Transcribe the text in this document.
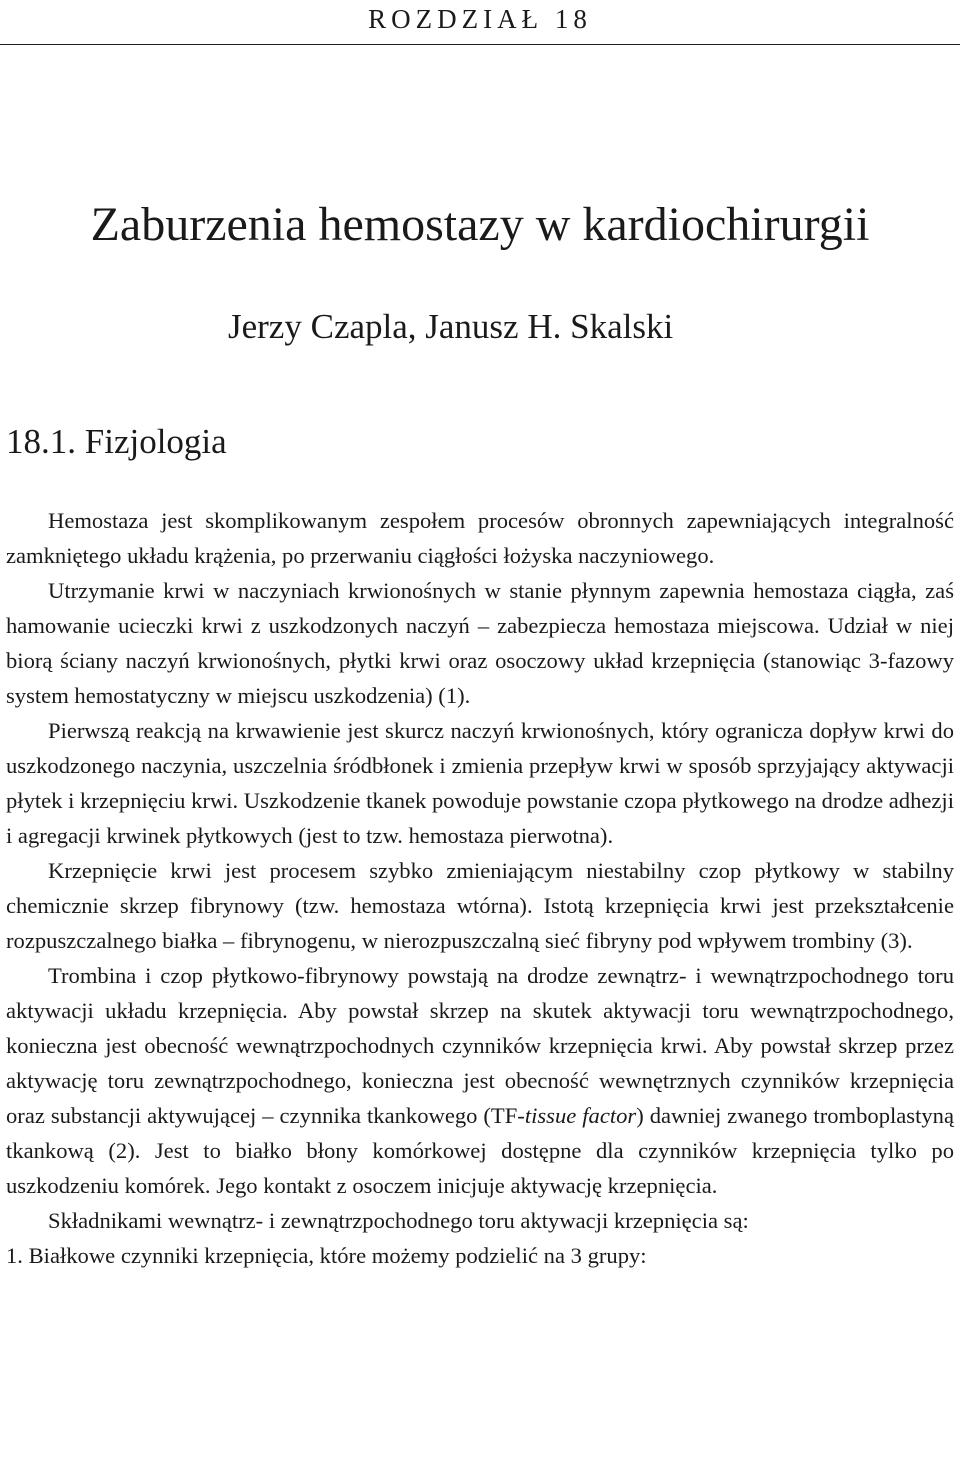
ROZDZIAŁ 18
Zaburzenia hemostazy w kardiochirurgii
Jerzy Czapla, Janusz H. Skalski
18.1. Fizjologia

Hemostaza jest skomplikowanym zespołem procesów obronnych zapewniających integralność zamkniętego układu krążenia, po przerwaniu ciągłości łożyska naczyniowego.

Utrzymanie krwi w naczyniach krwionośnych w stanie płynnym zapewnia hemostaza ciągła, zaś hamowanie ucieczki krwi z uszkodzonych naczyń – zabezpiecza hemostaza miejscowa. Udział w niej biorą ściany naczyń krwionośnych, płytki krwi oraz osoczowy układ krzepnięcia (stanowiąc 3-fazowy system hemostatyczny w miejscu uszkodzenia) (1).

Pierwszą reakcją na krwawienie jest skurcz naczyń krwionośnych, który ogranicza dopływ krwi do uszkodzonego naczynia, uszczelnia śródbłonek i zmienia przepływ krwi w sposób sprzyjający aktywacji płytek i krzepnięciu krwi. Uszkodzenie tkanek powoduje powstanie czopa płytkowego na drodze adhezji i agregacji krwinek płytkowych (jest to tzw. hemostaza pierwotna).

Krzepnięcie krwi jest procesem szybko zmieniającym niestabilny czop płytkowy w stabilny chemicznie skrzep fibrynowy (tzw. hemostaza wtórna). Istotą krzepnięcia krwi jest przekształcenie rozpuszczalnego białka – fibrynogenu, w nierozpuszczalną sieć fibryny pod wpływem trombiny (3).

Trombina i czop płytkowo-fibrynowy powstają na drodze zewnątrz- i wewnątrzpochodnego toru aktywacji układu krzepnięcia. Aby powstał skrzep na skutek aktywacji toru wewnątrzpochodnego, konieczna jest obecność wewnątrzpochodnych czynników krzepnięcia krwi. Aby powstał skrzep przez aktywację toru zewnątrzpochodnego, konieczna jest obecność wewnętrznych czynników krzepnięcia oraz substancji aktywującej – czynnika tkankowego (TF-tissue factor) dawniej zwanego tromboplastyną tkankową (2). Jest to białko błony komórkowej dostępne dla czynników krzepnięcia tylko po uszkodzeniu komórek. Jego kontakt z osoczem inicjuje aktywację krzepnięcia.

Składnikami wewnątrz- i zewnątrzpochodnego toru aktywacji krzepnięcia są:

1. Białkowe czynniki krzepnięcia, które możemy podzielić na 3 grupy:
